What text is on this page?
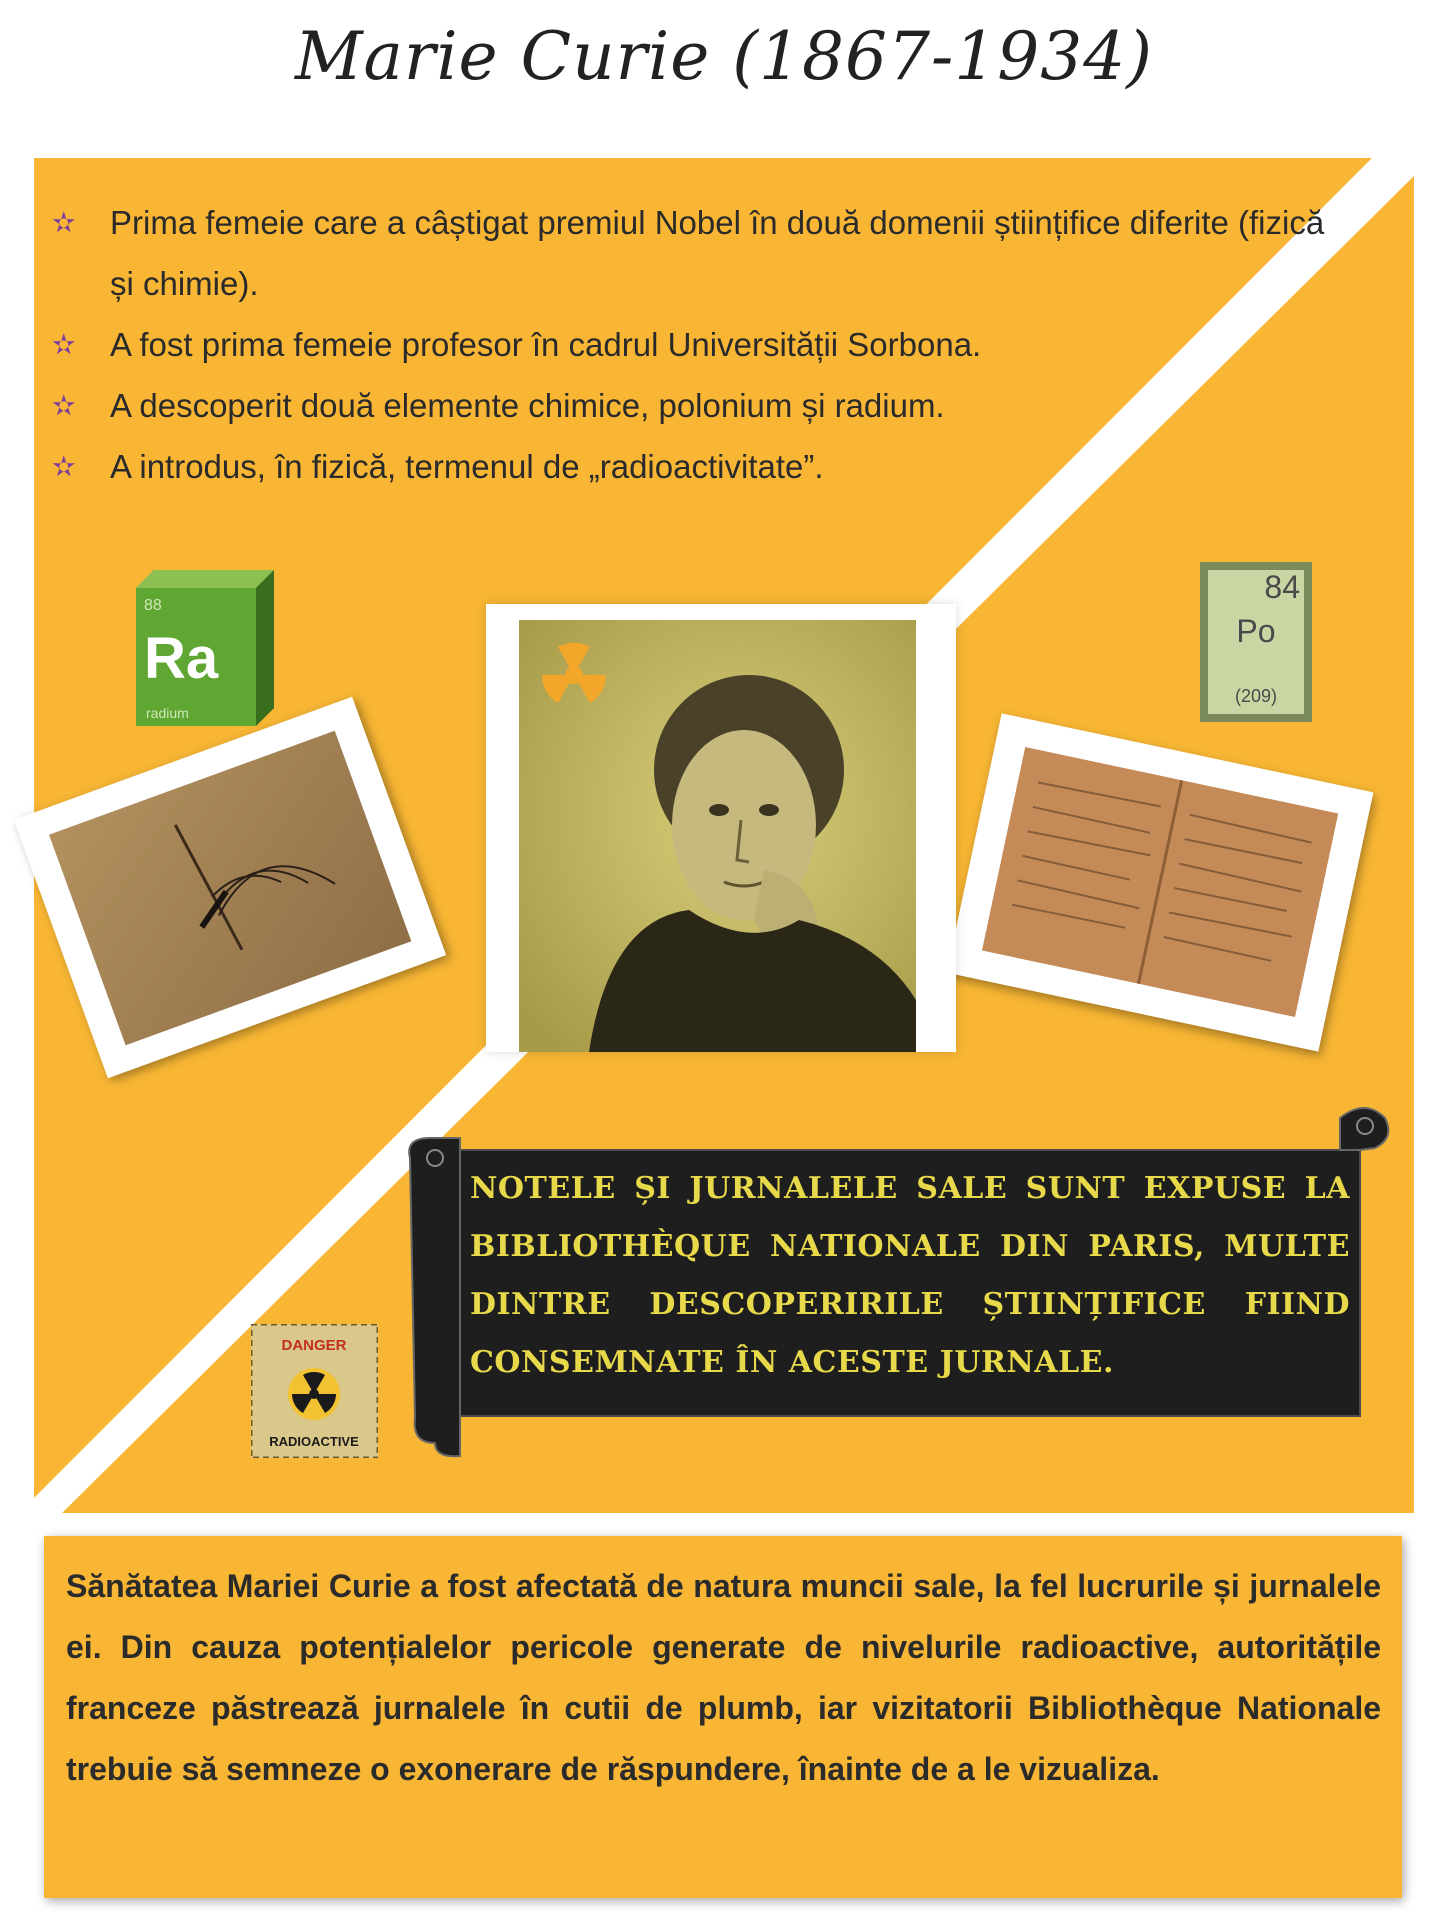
Marie Curie (1867-1934)
✫ Prima femeie care a câștigat premiul Nobel în două domenii științifice diferite (fizică și chimie).
✫ A fost prima femeie profesor în cadrul Universității Sorbona.
✫ A descoperit două elemente chimice, polonium și radium.
✫ A introdus, în fizică, termenul de „radioactivitate”.
88
Ra
radium
84
Po
(209)
DANGER
RADIOACTIVE
NOTELE ȘI JURNALELE SALE SUNT EXPUSE LA BIBLIOTHÈQUE NATIONALE DIN PARIS, MULTE DINTRE DESCOPERIRILE ȘTIINȚIFICE FIIND CONSEMNATE ÎN ACESTE JURNALE.
Sănătatea Mariei Curie a fost afectată de natura muncii sale, la fel lucrurile și jurnalele ei. Din cauza potențialelor pericole generate de nivelurile radioactive, autoritățile franceze păstrează jurnalele în cutii de plumb, iar vizitatorii Bibliothèque Nationale trebuie să semneze o exonerare de răspundere, înainte de a le vizualiza.
